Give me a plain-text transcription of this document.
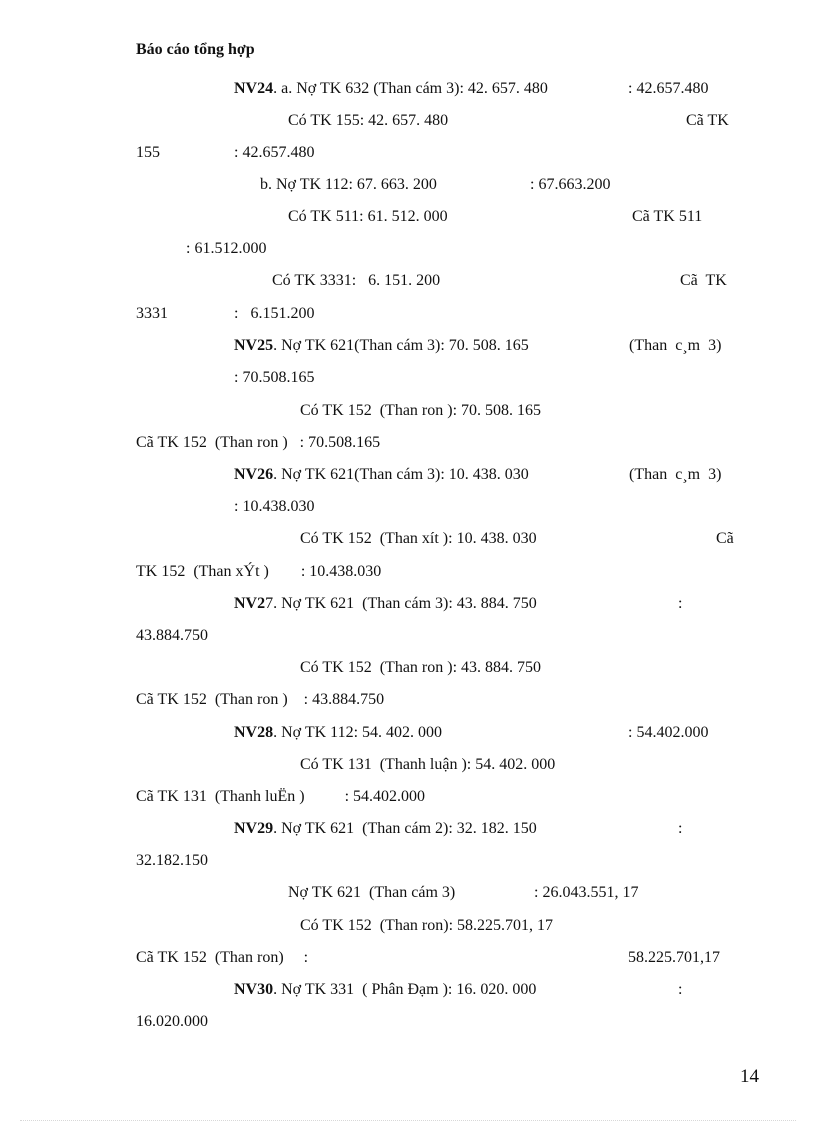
Báo cáo tổng hợp
NV24. a. Nợ TK 632 (Than cám 3): 42. 657. 480	: 42.657.480
Có TK 155: 42. 657. 480	Cã TK
155	: 42.657.480
b. Nợ TK 112: 67. 663. 200	: 67.663.200
Có TK 511: 61. 512. 000	Cã TK 511
: 61.512.000
Có TK 3331:   6. 151. 200	Cã  TK
3331	:   6.151.200
NV25. Nợ TK 621(Than cám 3): 70. 508. 165	(Than  c¸m  3)
: 70.508.165
Có TK 152  (Than ron ): 70. 508. 165
Cã TK 152  (Than ron )   : 70.508.165
NV26. Nợ TK 621(Than cám 3): 10. 438. 030	(Than  c¸m  3)
: 10.438.030
Có TK 152  (Than xít ): 10. 438. 030	Cã
TK 152  (Than xÝt )        : 10.438.030
NV27. Nợ TK 621  (Than cám 3): 43. 884. 750	:
43.884.750
Có TK 152  (Than ron ): 43. 884. 750
Cã TK 152  (Than ron )    : 43.884.750
NV28. Nợ TK 112: 54. 402. 000	: 54.402.000
Có TK 131  (Thanh luận ): 54. 402. 000
Cã TK 131  (Thanh luËn )          : 54.402.000
NV29. Nợ TK 621  (Than cám 2): 32. 182. 150	:
32.182.150
Nợ TK 621  (Than cám 3)	: 26.043.551, 17
Có TK 152  (Than ron): 58.225.701, 17
Cã TK 152  (Than ron)     :	58.225.701,17
NV30. Nợ TK 331  ( Phân Đạm ): 16. 020. 000	:
16.020.000
14
